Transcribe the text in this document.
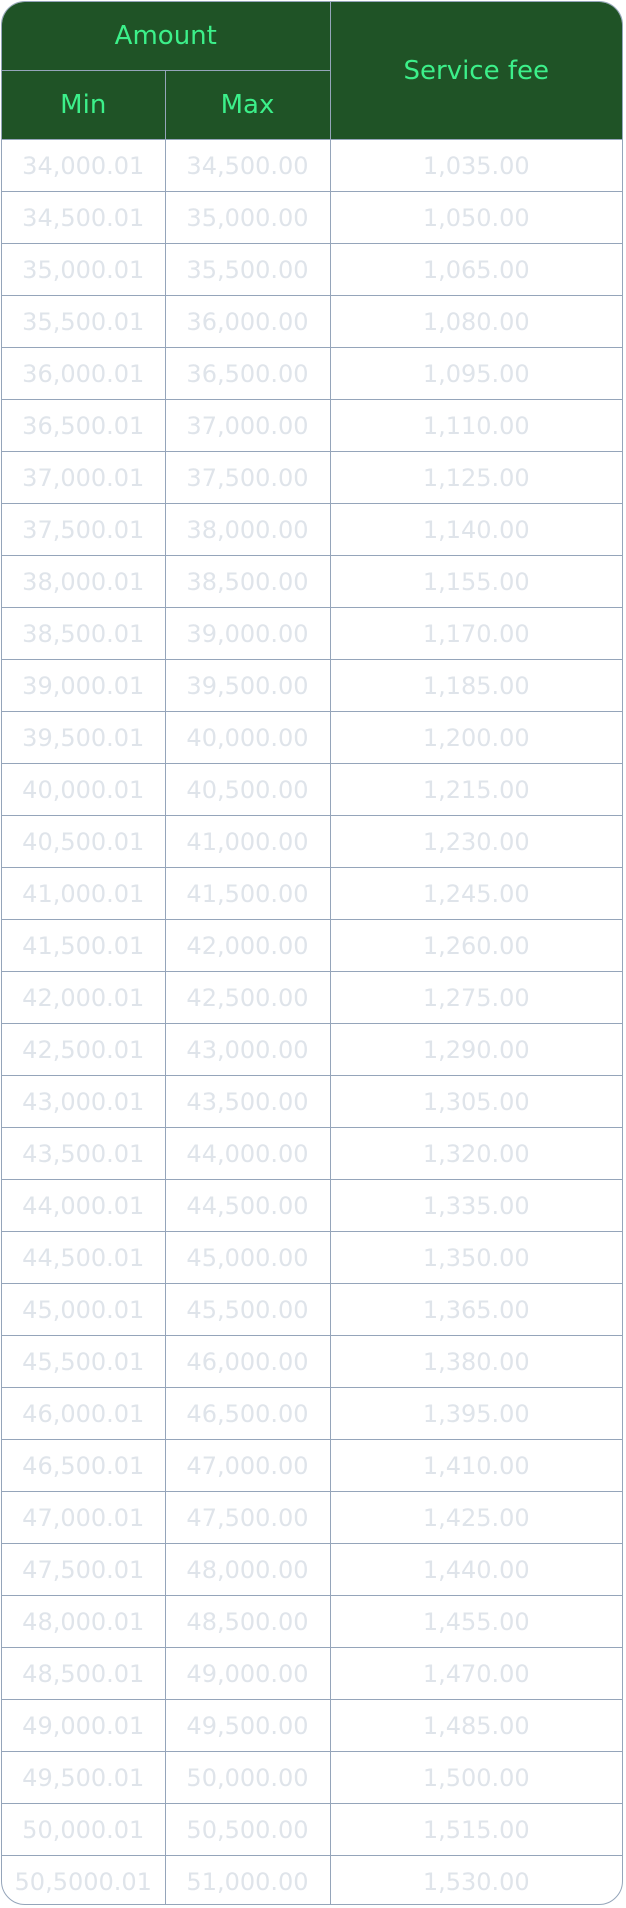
Amount		Service fee
Min	Max	
34,000.01	34,500.00	1,035.00
34,500.01	35,000.00	1,050.00
35,000.01	35,500.00	1,065.00
35,500.01	36,000.00	1,080.00
36,000.01	36,500.00	1,095.00
36,500.01	37,000.00	1,110.00
37,000.01	37,500.00	1,125.00
37,500.01	38,000.00	1,140.00
38,000.01	38,500.00	1,155.00
38,500.01	39,000.00	1,170.00
39,000.01	39,500.00	1,185.00
39,500.01	40,000.00	1,200.00
40,000.01	40,500.00	1,215.00
40,500.01	41,000.00	1,230.00
41,000.01	41,500.00	1,245.00
41,500.01	42,000.00	1,260.00
42,000.01	42,500.00	1,275.00
42,500.01	43,000.00	1,290.00
43,000.01	43,500.00	1,305.00
43,500.01	44,000.00	1,320.00
44,000.01	44,500.00	1,335.00
44,500.01	45,000.00	1,350.00
45,000.01	45,500.00	1,365.00
45,500.01	46,000.00	1,380.00
46,000.01	46,500.00	1,395.00
46,500.01	47,000.00	1,410.00
47,000.01	47,500.00	1,425.00
47,500.01	48,000.00	1,440.00
48,000.01	48,500.00	1,455.00
48,500.01	49,000.00	1,470.00
49,000.01	49,500.00	1,485.00
49,500.01	50,000.00	1,500.00
50,000.01	50,500.00	1,515.00
50,5000.01	51,000.00	1,530.00
